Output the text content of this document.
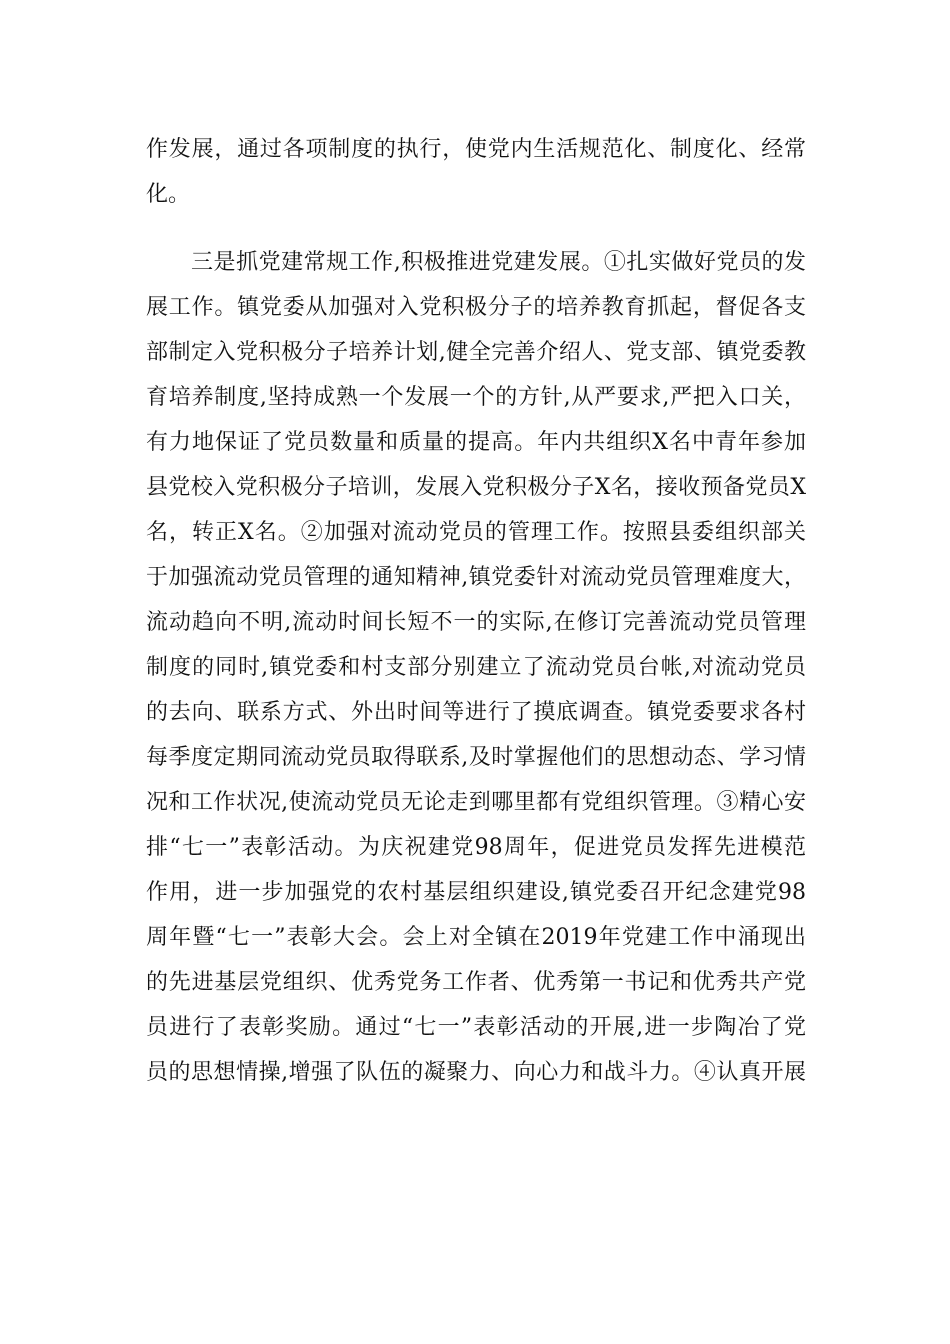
作发展，通过各项制度的执行，使党内生活规范化、制度化、经常
化。
　　三是抓党建常规工作,积极推进党建发展。①扎实做好党员的发
展工作。镇党委从加强对入党积极分子的培养教育抓起，督促各支
部制定入党积极分子培养计划,健全完善介绍人、党支部、镇党委教
育培养制度,坚持成熟一个发展一个的方针,从严要求,严把入口关，
有力地保证了党员数量和质量的提高。年内共组织X名中青年参加
县党校入党积极分子培训，发展入党积极分子X名，接收预备党员X
名，转正X名。②加强对流动党员的管理工作。按照县委组织部关
于加强流动党员管理的通知精神,镇党委针对流动党员管理难度大，
流动趋向不明,流动时间长短不一的实际,在修订完善流动党员管理
制度的同时,镇党委和村支部分别建立了流动党员台帐,对流动党员
的去向、联系方式、外出时间等进行了摸底调查。镇党委要求各村
每季度定期同流动党员取得联系,及时掌握他们的思想动态、学习情
况和工作状况,使流动党员无论走到哪里都有党组织管理。③精心安
排“七一”表彰活动。为庆祝建党98周年，促进党员发挥先进模范
作用，进一步加强党的农村基层组织建设,镇党委召开纪念建党98
周年暨“七一”表彰大会。会上对全镇在2019年党建工作中涌现出
的先进基层党组织、优秀党务工作者、优秀第一书记和优秀共产党
员进行了表彰奖励。通过“七一”表彰活动的开展,进一步陶冶了党
员的思想情操,增强了队伍的凝聚力、向心力和战斗力。④认真开展
